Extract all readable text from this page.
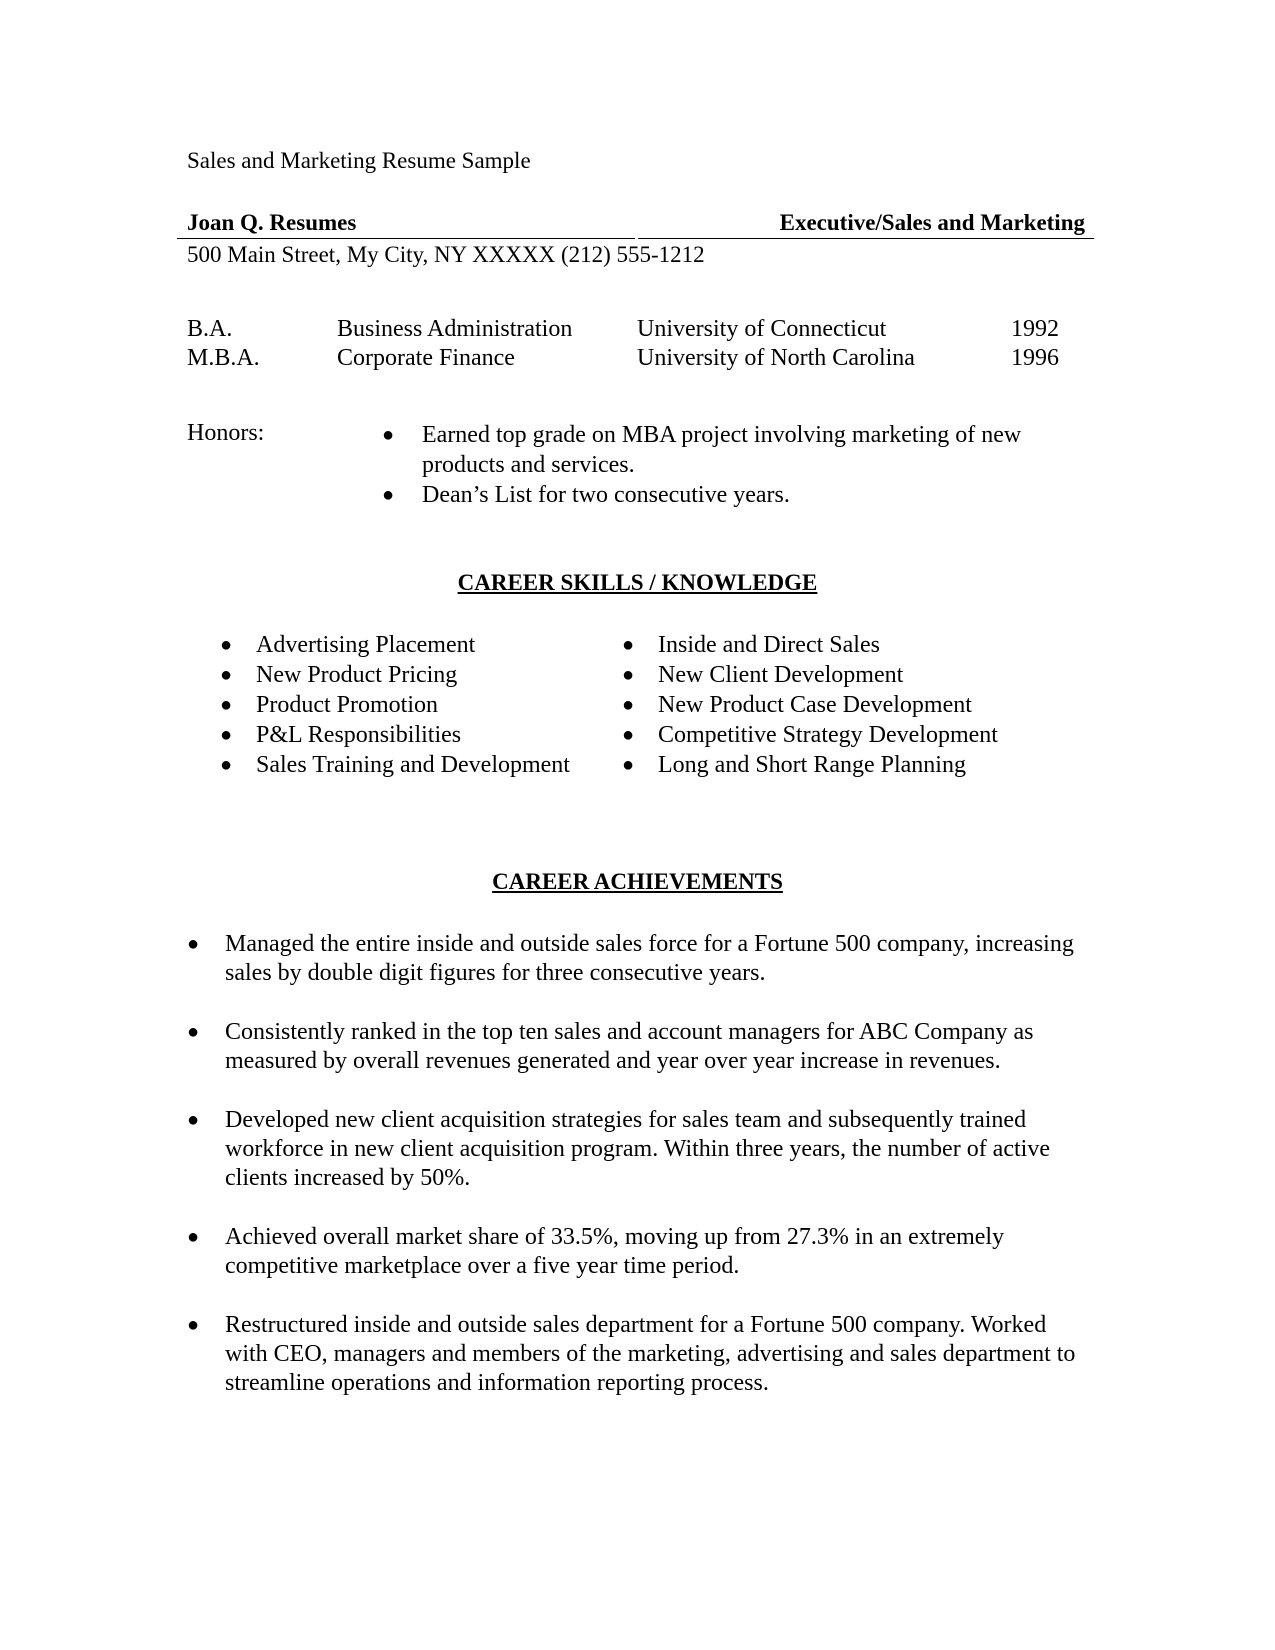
Sales and Marketing Resume Sample
Joan Q. Resumes	Executive/Sales and Marketing
500 Main Street, My City, NY XXXXX (212) 555-1212
B.A.	Business Administration	University of Connecticut	1992
M.B.A.	Corporate Finance	University of North Carolina	1996
Honors:	● Earned top grade on MBA project involving marketing of new products and services.
● Dean’s List for two consecutive years.
CAREER SKILLS / KNOWLEDGE
● Advertising Placement
● New Product Pricing
● Product Promotion
● P&L Responsibilities
● Sales Training and Development
● Inside and Direct Sales
● New Client Development
● New Product Case Development
● Competitive Strategy Development
● Long and Short Range Planning
CAREER ACHIEVEMENTS
● Managed the entire inside and outside sales force for a Fortune 500 company, increasing sales by double digit figures for three consecutive years.
● Consistently ranked in the top ten sales and account managers for ABC Company as measured by overall revenues generated and year over year increase in revenues.
● Developed new client acquisition strategies for sales team and subsequently trained workforce in new client acquisition program. Within three years, the number of active clients increased by 50%.
● Achieved overall market share of 33.5%, moving up from 27.3% in an extremely competitive marketplace over a five year time period.
● Restructured inside and outside sales department for a Fortune 500 company. Worked with CEO, managers and members of the marketing, advertising and sales department to streamline operations and information reporting process.
